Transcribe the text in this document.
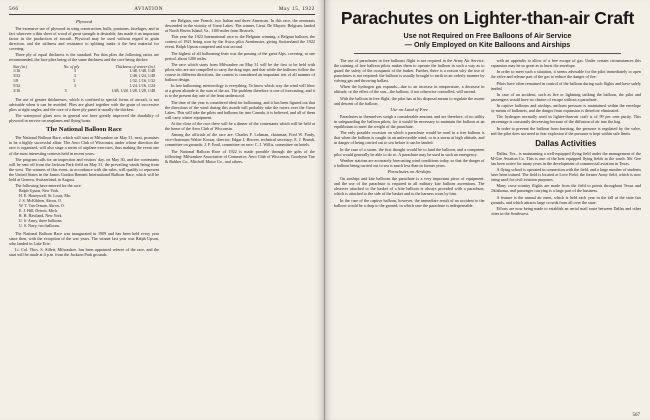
566	AVIATION	May 15, 1922
Plywood

The extensive use of plywood in wing construction, hulls, pontoons, fuselages, and in fact wherever a thin sheet of wood of great strength is desirable, has made it an important factor in the production of aircraft. Plywood may be used without regard to grain direction, and the stiffness and resistance to splitting make it the best material for covering.

Three ply of equal thickness is the standard. For thin plies the following ratios are recommended, the face plies being of the same thickness and the core being thicker:

Size (in.)	No. of ply	Thickness of veneer (in.)
1/16	3	1/48, 1/48, 1/48
3/32	3	1/48, 1/24, 1/48
1/8	3	1/32, 1/16, 1/32
5/32	3	1/24, 1/16, 1/24
3/16	5	1/48, 1/28, 1/28, 1/28, 1/48

The use of greater thicknesses, which is confined to special forms of aircraft, is not advisable when it can be avoided. Plies are glued together with the grain of successive plies at right angles, and the core of a three ply panel is usually the thickest.

The waterproof glues now in general use have greatly improved the durability of plywood in service on seaplanes and flying boats.

The National Balloon Race

The National Balloon Race, which will start at Milwaukee on May 31, next, promises to be a highly successful affair. The Aero Club of Wisconsin, under whose direction the race is organized, will also stage a series of airplane exercises, thus making the event one of the most interesting contests held in recent years.

The program calls for an inspection and visitors' day, on May 30, and the contestants will be sent off from the Jackson Park field on May 31, the prevailing winds being from the west. The winners of this event, in accordance with the rules, will qualify to represent the United States in the James Gordon Bennett International Balloon Race, which will be held at Geneva, Switzerland, in August.

The following have entered for the race:

Ralph Upson, New York.
H. E. Honeywell, St. Louis, Mo.
J. S. McKibben, Akron, O.
W. T. Van Orman, Akron, O.
E. J. Hill, Detroit, Mich.
R. H. Haviland, New York.
U. S. Army, three balloons.
U. S. Navy, two balloons.

The National Balloon Race was inaugurated in 1909 and has been held every year since then, with the exception of the war years. The winner last year was Ralph Upson, who landed in Lake Erie.

Lt. Col. Thos. S. Sillett, Milwaukee, has been appointed referee of the race, and the start will be made at 4 p.m. from the Jackson Park grounds.

ner Belgian, one French, two Italian and three American. In this race, the aeronauts descended in the vicinity of Great Lakes. The winner, Lieut. De Muyter, Belgium, landed at North Haven Island, Va., 1100 miles from Brussels.

This year the 1922 International race to the Belgium winning, a Belgian balloon, the contest of 1921 being won by the Swiss pilot Armbruster, giving Switzerland the 1922 event. Ralph Upson competed and was second.

The highest of all ballooning feats was the passing of the great Alps, covering, at one period, about 1200 miles.

The race which starts from Milwaukee on May 31 will be the first to be held with pilots who are not compelled to carry the drag rope, and that while the balloons follow the course in different directions, the contest is considered an important test of all manner of balloon design.

In free ballooning, meteorology is everything. To know which way the wind will blow at a given altitude is the sum of the art. The problem therefore is one of forecasting, and it is to the present day one of the least understood.

The time of the year is considered ideal for ballooning, and it has been figured out that the directions of the wind during this month will probably take the racers over the Great Lakes. This will take the pilots and balloons far into Canada, it is believed, and all of them will carry winter equipment.

At the close of the race there will be a dinner of the contestants which will be held at the home of the Aero Club of Wisconsin.

Among the officials of the race are: Charles F. Lohman, chairman; Fred W. Fardy, vice-chairman; Walter Kossar, director; Edgar J. Hoover, technical secretary; E. J. Brandt, committee on grounds; J. F. Emil, committee on race; C. J. Willis, committee on hotels.

The National Balloon Race of 1922 is made possible through the gifts of the following: Milwaukee Association of Commerce, Aero Club of Wisconsin, Goodyear Tire & Rubber Co., Mitchell Motor Co., and others.

Parachutes on Lighter-than-air Craft
Use not Required on Free Balloons of Air Service
— Only Employed on Kite Balloons and Airships

The use of parachutes in free balloons flight is not required in the Army Air Service, the training of free balloon pilots makes them to operate the balloon in such a way as to guard the safety of the occupants of the basket. Further, there is a reason why the use of parachutes is not required: the balloon is usually brought to earth in an orderly manner by valving gas and throwing ballast.

When the hydrogen gas expands—due to an increase in temperature, a decrease in altitude, or the effect of the sun—the balloon, if not otherwise controlled, will ascend.

With the balloon in free flight, the pilot has at his disposal means to regulate the ascent and descent of the balloon.

Use on Land of Free

Parachutes in themselves weigh a considerable amount, and are therefore, of no utility in safeguarding the balloon pilots, for it would be necessary to maintain the balloon at an equilibrium to meet the weight of the parachute.

The only possible occasion on which a parachute would be used in a free balloon is that when the balloon is caught in an unfavorable wind, or in a storm at high altitude, and in danger of being carried out to sea before it can be landed.

In the case of a storm, the first thought would be to land the balloon, and a competent pilot would generally be able to do so. A parachute may be used in such an emergency.

Weather stations are accurately forecasting wind conditions today, so that the danger of a balloon being carried out to sea is much less than in former years.

Parachutes on Airships

On airships and kite balloons the parachute is a very important piece of equipment, and the use of the parachute is required in all military kite balloon ascensions. The observer attached to the basket of a kite balloon is always provided with a parachute, which is attached to the side of the basket and to the harness worn by him.

In the case of the captive balloon, however, the immediate result of an accident to the balloon would be a drop to the ground, in which case the parachute is indispensable.

with an appendix to allow of a free escape of gas. Under certain circumstances this expansion may be so great as to burst the envelope.

In order to meet such a situation, it seems advisable for the pilot immediately to open the valve and release part of the gas to reduce the danger of fire.

Pilots have often remained in control of the balloon during such flights and have safely landed.

In case of an accident, such as fire or lightning striking the balloon, the pilot and passengers would have no chance of escape without a parachute.

In captive balloons and airships, uniform pressure is maintained within the envelope by means of ballonets, and the danger from expansion is therefore eliminated.

The hydrogen normally used in lighter-than-air craft is of 99 per cent purity. This percentage is constantly decreasing because of the diffusion of air into the bag.

In order to prevent the balloon from bursting, the pressure is regulated by the valve, and the pilot does not need to fear explosion if the pressure is kept within safe limits.

Dallas Activities

Dallas, Tex., is maintaining a well-equipped flying field under the management of the M-Gee Aviation Co. This is one of the best equipped flying fields in the south. Mr. Gee has been active for many years in the development of commercial aviation in Texas.

A flying school is operated in connection with the field, and a large number of students have been trained. The field is located at Love Field, the former Army field, which is now being used for civil aviation purposes.

Many cross-country flights are made from the field to points throughout Texas and Oklahoma, and passenger carrying is a large part of the business.

A feature is the annual air meet, which is held each year in the fall at the state fair grounds, and which attracts large crowds from all over the state.

Efforts are now being made to establish an aerial mail route between Dallas and other cities in the Southwest.

567
